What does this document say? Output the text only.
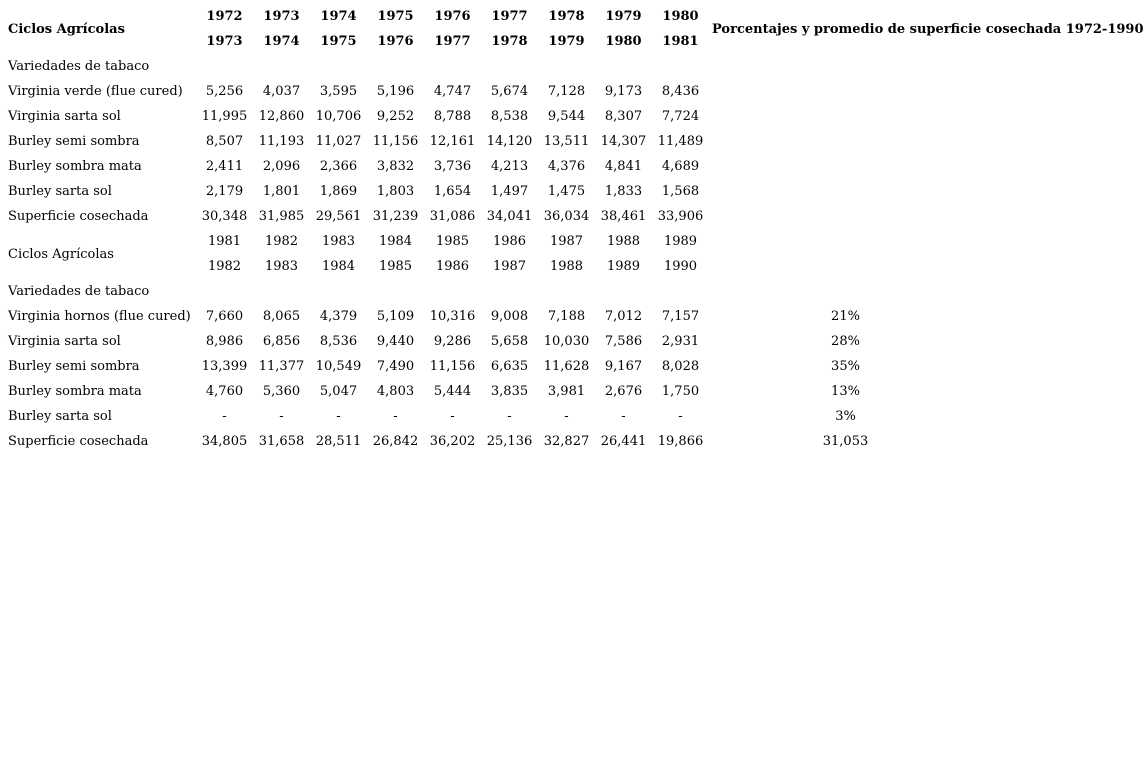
Ciclos Agrícolas	1972	1973	1974	1975	1976	1977	1978	1979	1980	Porcentajes y promedio de superficie cosechada 1972-1990
	1973	1974	1975	1976	1977	1978	1979	1980	1981	
Variedades de tabaco										
Virginia verde (flue cured)	5,256	4,037	3,595	5,196	4,747	5,674	7,128	9,173	8,436	
Virginia sarta sol	11,995	12,860	10,706	9,252	8,788	8,538	9,544	8,307	7,724	
Burley semi sombra	8,507	11,193	11,027	11,156	12,161	14,120	13,511	14,307	11,489	
Burley sombra mata	2,411	2,096	2,366	3,832	3,736	4,213	4,376	4,841	4,689	
Burley sarta sol	2,179	1,801	1,869	1,803	1,654	1,497	1,475	1,833	1,568	
Superficie cosechada	30,348	31,985	29,561	31,239	31,086	34,041	36,034	38,461	33,906	
Ciclos Agrícolas	1981	1982	1983	1984	1985	1986	1987	1988	1989	
	1982	1983	1984	1985	1986	1987	1988	1989	1990	
Variedades de tabaco										
Virginia hornos (flue cured)	7,660	8,065	4,379	5,109	10,316	9,008	7,188	7,012	7,157	21%
Virginia sarta sol	8,986	6,856	8,536	9,440	9,286	5,658	10,030	7,586	2,931	28%
Burley semi sombra	13,399	11,377	10,549	7,490	11,156	6,635	11,628	9,167	8,028	35%
Burley sombra mata	4,760	5,360	5,047	4,803	5,444	3,835	3,981	2,676	1,750	13%
Burley sarta sol	-	-	-	-	-	-	-	-	-	3%
Superficie cosechada	34,805	31,658	28,511	26,842	36,202	25,136	32,827	26,441	19,866	31,053
